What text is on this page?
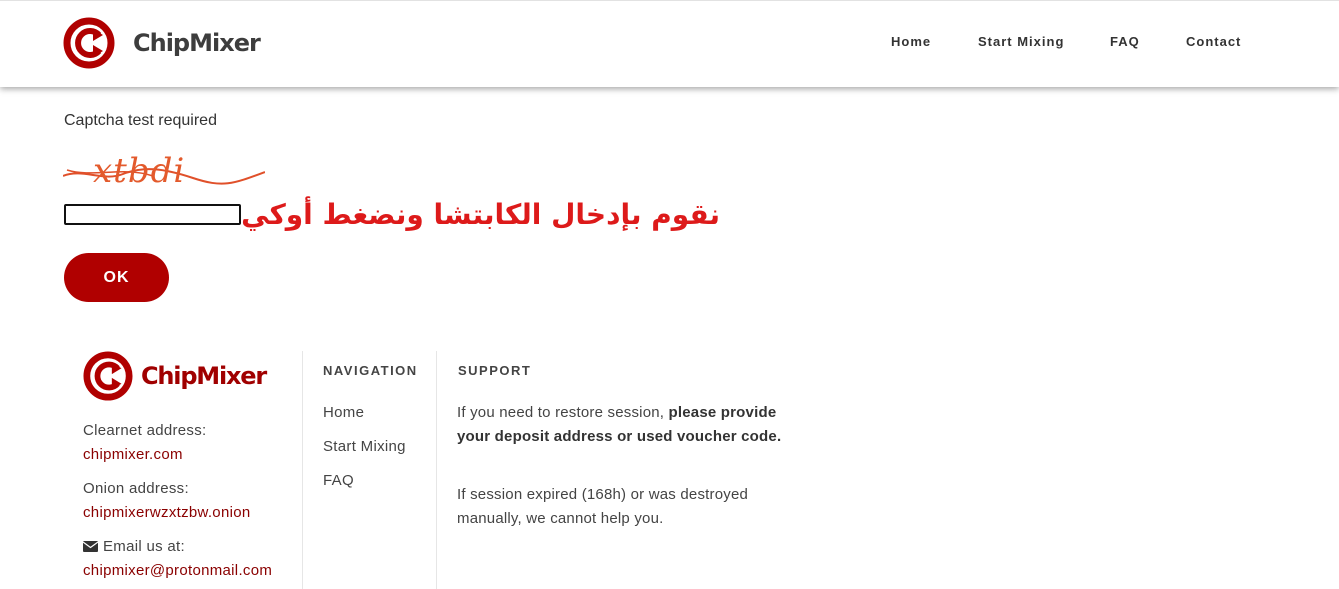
ChipMixer	Home	Start Mixing	FAQ	Contact
Captcha test required
xtbdi
OK
نقوم بإدخال الكابتشا ونضغط أوكي
ChipMixer
Clearnet address:
chipmixer.com
Onion address:
chipmixerwzxtzbw.onion
Email us at:
chipmixer@protonmail.com
NAVIGATION
Home
Start Mixing
FAQ
SUPPORT
If you need to restore session, please provide your deposit address or used voucher code.
If session expired (168h) or was destroyed manually, we cannot help you.
